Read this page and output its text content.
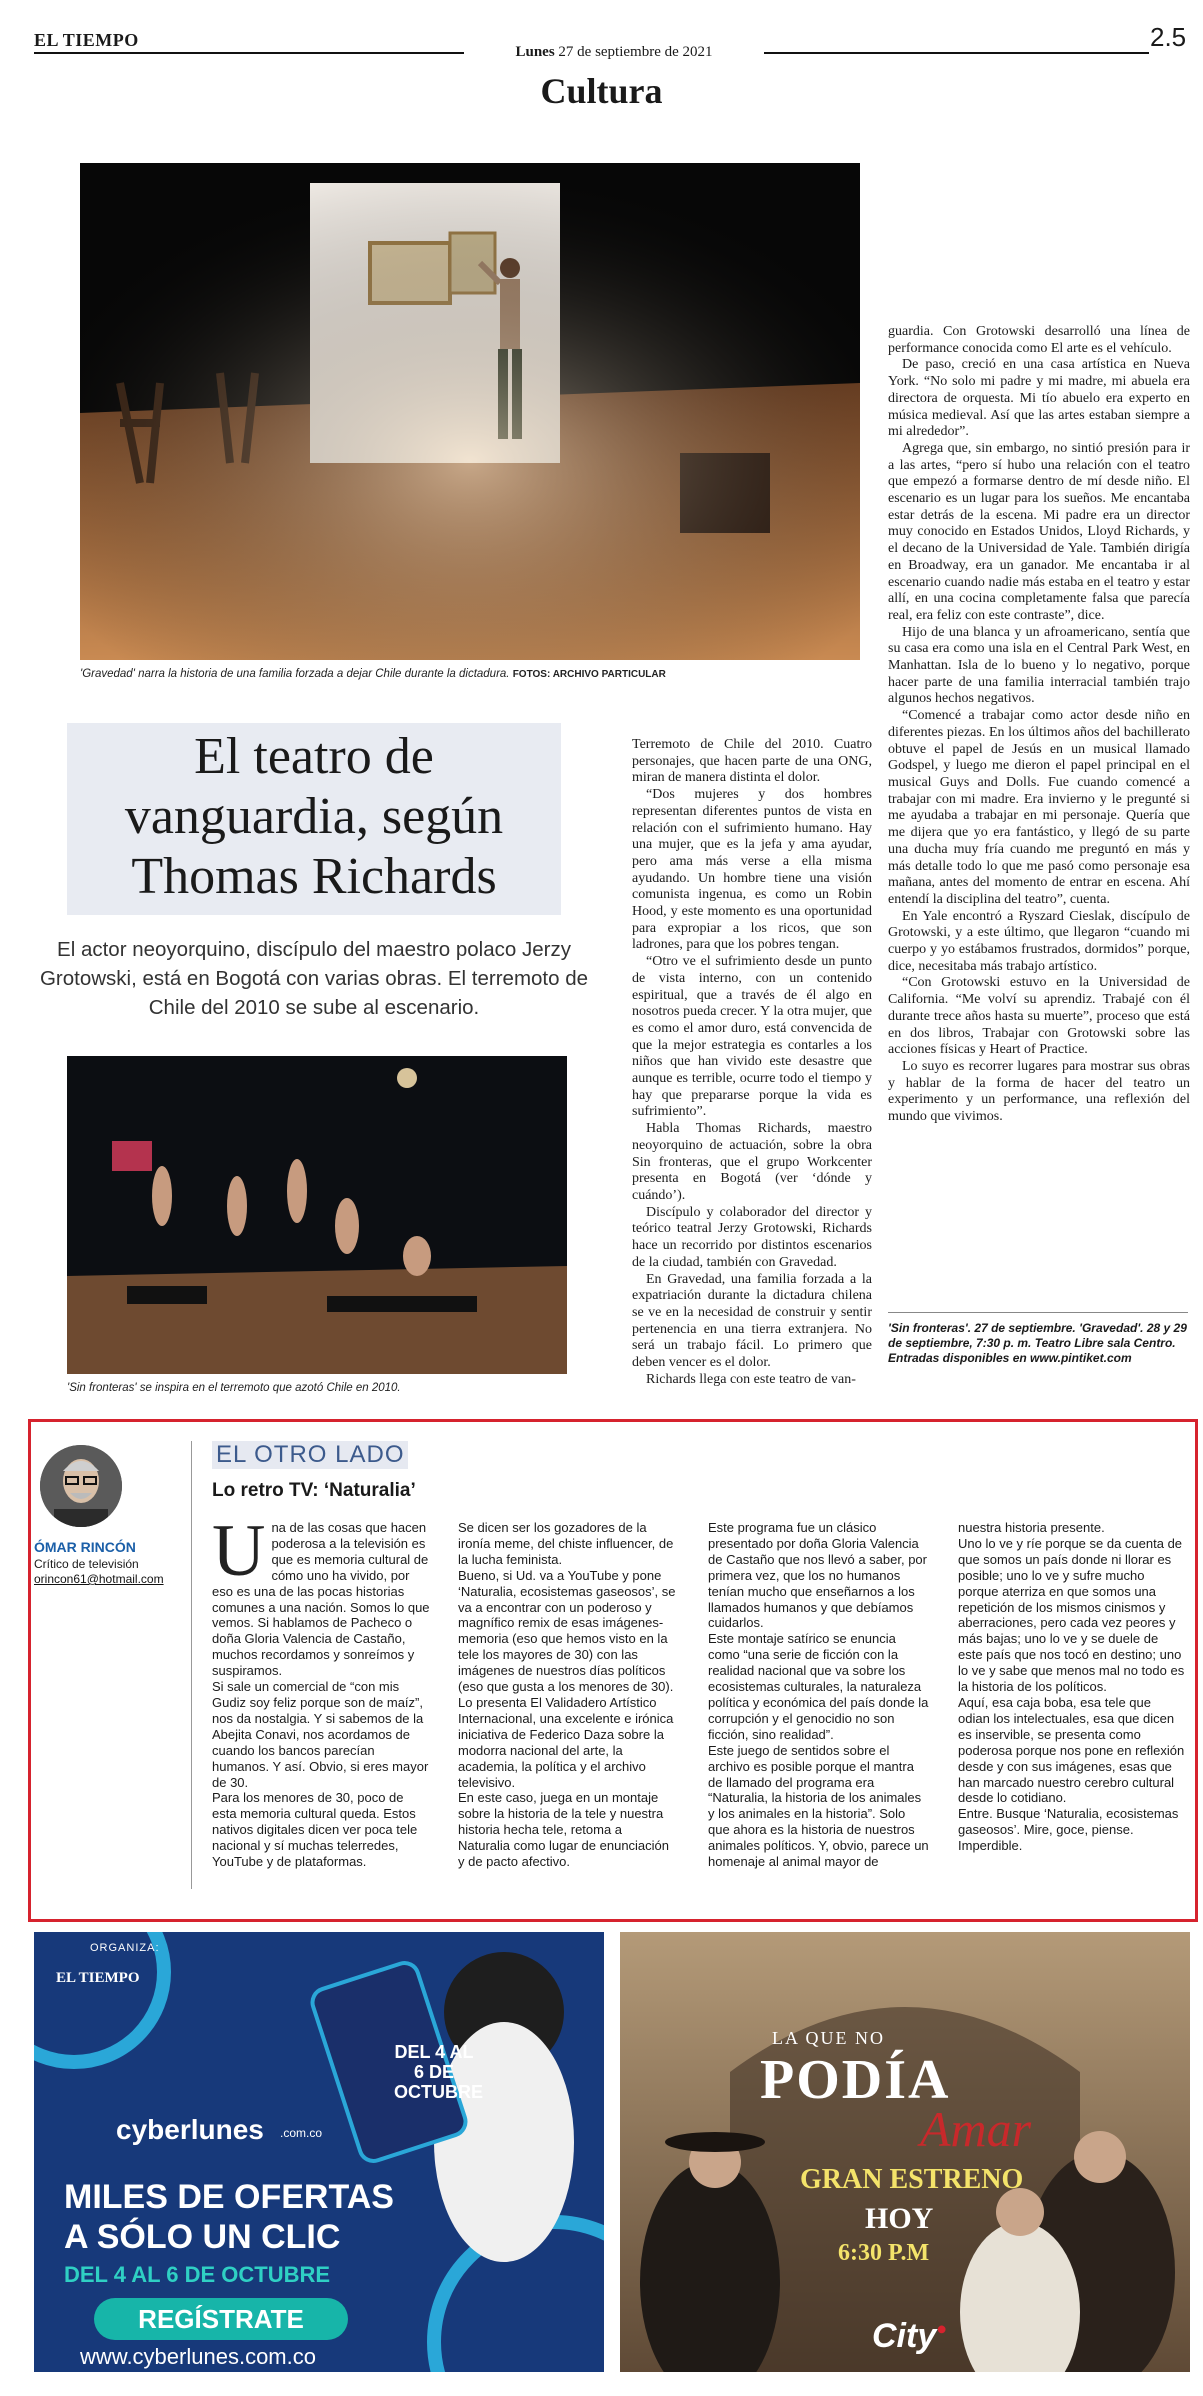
EL TIEMPO
Lunes 27 de septiembre de 2021	2.5
Cultura
'Gravedad' narra la historia de una familia forzada a dejar Chile durante la dictadura. FOTOS: ARCHIVO PARTICULAR
El teatro de vanguardia, según Thomas Richards
El actor neoyorquino, discípulo del maestro polaco Jerzy Grotowski, está en Bogotá con varias obras. El terremoto de Chile del 2010 se sube al escenario.
'Sin fronteras' se inspira en el terremoto que azotó Chile en 2010.

Terremoto de Chile del 2010. Cuatro personajes, que hacen parte de una ONG, miran de manera distinta el dolor.

“Dos mujeres y dos hombres representan diferentes puntos de vista en relación con el sufrimiento humano. Hay una mujer, que es la jefa y ama ayudar, pero ama más verse a ella misma ayudando. Un hombre tiene una visión comunista ingenua, es como un Robin Hood, y este momento es una oportunidad para expropiar a los ricos, que son ladrones, para que los pobres tengan.

“Otro ve el sufrimiento desde un punto de vista interno, con un contenido espiritual, que a través de él algo en nosotros pueda crecer. Y la otra mujer, que es como el amor duro, está convencida de que la mejor estrategia es contarles a los niños que han vivido este desastre que aunque es terrible, ocurre todo el tiempo y hay que prepararse porque la vida es sufrimiento”.

Habla Thomas Richards, maestro neoyorquino de actuación, sobre la obra Sin fronteras, que el grupo Workcenter presenta en Bogotá (ver ‘dónde y cuándo’).

Discípulo y colaborador del director y teórico teatral Jerzy Grotowski, Richards hace un recorrido por distintos escenarios de la ciudad, también con Gravedad.

En Gravedad, una familia forzada a la expatriación durante la dictadura chilena se ve en la necesidad de construir y sentir pertenencia en una tierra extranjera. No será un trabajo fácil. Lo primero que deben vencer es el dolor.

Richards llega con este teatro de van-

guardia. Con Grotowski desarrolló una línea de performance conocida como El arte es el vehículo.

De paso, creció en una casa artística en Nueva York. “No solo mi padre y mi madre, mi abuela era directora de orquesta. Mi tío abuelo era experto en música medieval. Así que las artes estaban siempre a mi alrededor”.

Agrega que, sin embargo, no sintió presión para ir a las artes, “pero sí hubo una relación con el teatro que empezó a formarse dentro de mí desde niño. El escenario es un lugar para los sueños. Me encantaba estar detrás de la escena. Mi padre era un director muy conocido en Estados Unidos, Lloyd Richards, y el decano de la Universidad de Yale. También dirigía en Broadway, era un ganador. Me encantaba ir al escenario cuando nadie más estaba en el teatro y estar allí, en una cocina completamente falsa que parecía real, era feliz con este contraste”, dice.

Hijo de una blanca y un afroamericano, sentía que su casa era como una isla en el Central Park West, en Manhattan. Isla de lo bueno y lo negativo, porque hacer parte de una familia interracial también trajo algunos hechos negativos.

“Comencé a trabajar como actor desde niño en diferentes piezas. En los últimos años del bachillerato obtuve el papel de Jesús en un musical llamado Godspel, y luego me dieron el papel principal en el musical Guys and Dolls. Fue cuando comencé a trabajar con mi madre. Era invierno y le pregunté si me ayudaba a trabajar en mi personaje. Quería que me dijera que yo era fantástico, y llegó de su parte una ducha muy fría cuando me preguntó en más y más detalle todo lo que me pasó como personaje esa mañana, antes del momento de entrar en escena. Ahí entendí la disciplina del teatro”, cuenta.

En Yale encontró a Ryszard Cieslak, discípulo de Grotowski, y a este último, que llegaron “cuando mi cuerpo y yo estábamos frustrados, dormidos” porque, dice, necesitaba más trabajo artístico.

“Con Grotowski estuvo en la Universidad de California. “Me volví su aprendiz. Trabajé con él durante trece años hasta su muerte”, proceso que está en dos libros, Trabajar con Grotowski sobre las acciones físicas y Heart of Practice.

Lo suyo es recorrer lugares para mostrar sus obras y hablar de la forma de hacer del teatro un experimento y un performance, una reflexión del mundo que vivimos.

'Sin fronteras'. 27 de septiembre. 'Gravedad'. 28 y 29 de septiembre, 7:30 p. m. Teatro Libre sala Centro. Entradas disponibles en www.pintiket.com
ÓMAR RINCÓN
Crítico de televisión
orincon61@hotmail.com
EL OTRO LADO
Lo retro TV: ‘Naturalia’
U na de las cosas que hacen poderosa a la televisión es que es memoria cultural de cómo uno ha vivido, por eso es una de las pocas historias comunes a una nación. Somos lo que vemos. Si hablamos de Pacheco o doña Gloria Valencia de Castaño, muchos recordamos y sonreímos y suspiramos.

Si sale un comercial de “con mis Gudiz soy feliz porque son de maíz”, nos da nostalgia. Y si sabemos de la Abejita Conavi, nos acordamos de cuando los bancos parecían humanos. Y así. Obvio, si eres mayor de 30.

Para los menores de 30, poco de esta memoria cultural queda. Estos nativos digitales dicen ver poca tele nacional y sí muchas telerredes, YouTube y de plataformas.

Se dicen ser los gozadores de la ironía meme, del chiste influencer, de la lucha feminista.

Bueno, si Ud. va a YouTube y pone ‘Naturalia, ecosistemas gaseosos’, se va a encontrar con un poderoso y magnífico remix de esas imágenes-memoria (eso que hemos visto en la tele los mayores de 30) con las imágenes de nuestros días políticos (eso que gusta a los menores de 30). Lo presenta El Validadero Artístico Internacional, una excelente e irónica iniciativa de Federico Daza sobre la modorra nacional del arte, la academia, la política y el archivo televisivo.

En este caso, juega en un montaje sobre la historia de la tele y nuestra historia hecha tele, retoma a Naturalia como lugar de enunciación y de pacto afectivo.

Este programa fue un clásico presentado por doña Gloria Valencia de Castaño que nos llevó a saber, por primera vez, que los no humanos tenían mucho que enseñarnos a los llamados humanos y que debíamos cuidarlos.

Este montaje satírico se enuncia como “una serie de ficción con la realidad nacional que va sobre los ecosistemas culturales, la naturaleza política y económica del país donde la corrupción y el genocidio no son ficción, sino realidad”.

Este juego de sentidos sobre el archivo es posible porque el mantra de llamado del programa era “Naturalia, la historia de los animales y los animales en la historia”. Solo que ahora es la historia de nuestros animales políticos. Y, obvio, parece un homenaje al animal mayor de

nuestra historia presente.

Uno lo ve y ríe porque se da cuenta de que somos un país donde ni llorar es posible; uno lo ve y sufre mucho porque aterriza en que somos una repetición de los mismos cinismos y aberraciones, pero cada vez peores y más bajas; uno lo ve y se duele de este país que nos tocó en destino; uno lo ve y sabe que menos mal no todo es la historia de los políticos.

Aquí, esa caja boba, esa tele que odian los intelectuales, esa que dicen es inservible, se presenta como poderosa porque nos pone en reflexión desde y con sus imágenes, esas que han marcado nuestro cerebro cultural desde lo cotidiano.

Entre. Busque ‘Naturalia, ecosistemas gaseosos’. Mire, goce, piense. Imperdible.

ORGANIZA:
EL TIEMPO
DEL 4 AL 6 DE OCTUBRE
cyberlunes .com.co
MILES DE OFERTAS
A SÓLO UN CLIC
DEL 4 AL 6 DE OCTUBRE
REGÍSTRATE
www.cyberlunes.com.co
LA QUE NO
PODÍA
Amar
GRAN ESTRENO
HOY
6:30 P.M
City●
